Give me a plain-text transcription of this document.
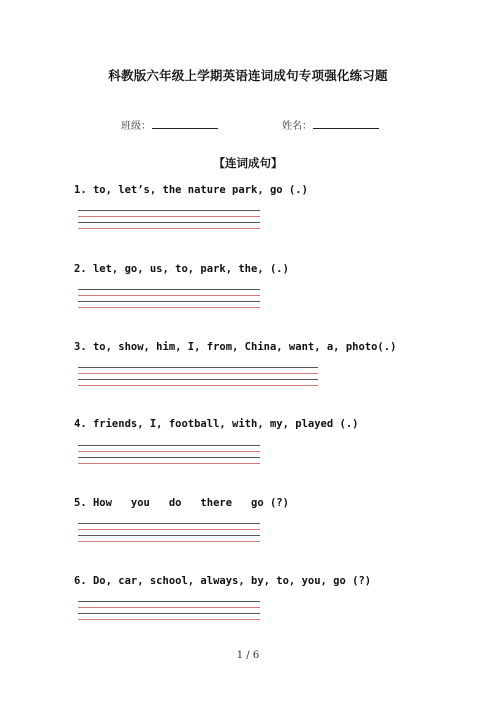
科教版六年级上学期英语连词成句专项强化练习题
班级：	姓名：
【连词成句】
1. to, let’s, the nature park, go (.)
2. let, go, us, to, park, the, (.)
3. to, show, him, I, from, China, want, a, photo(.)
4. friends, I, football, with, my, played (.)
5. How   you   do   there   go (?)
6. Do, car, school, always, by, to, you, go (?)
1 / 6
